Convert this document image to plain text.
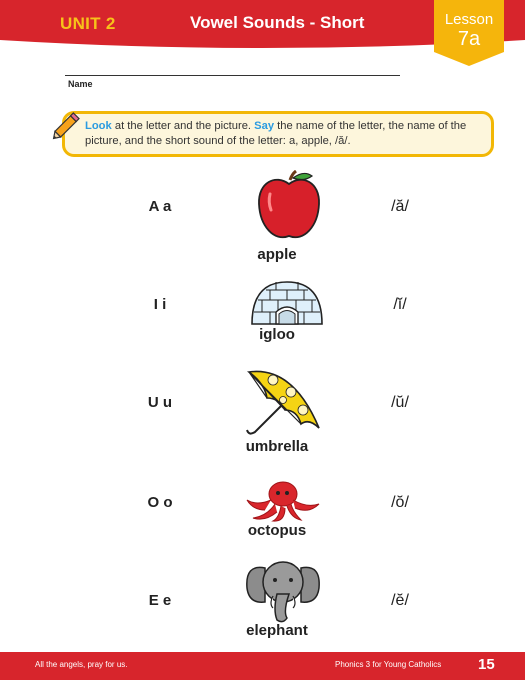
UNIT 2	Vowel Sounds - Short	Lesson
7a
Name
Look at the letter and the picture. Say the name of the letter, the name of the picture, and the short sound of the letter: a, apple, /ă/.
A a
apple
/ă/
I i
igloo
/ĭ/
U u
umbrella
/ŭ/
O o
octopus
/ŏ/
E e
elephant
/ĕ/
All the angels, pray for us.	Phonics 3 for Young Catholics 15
